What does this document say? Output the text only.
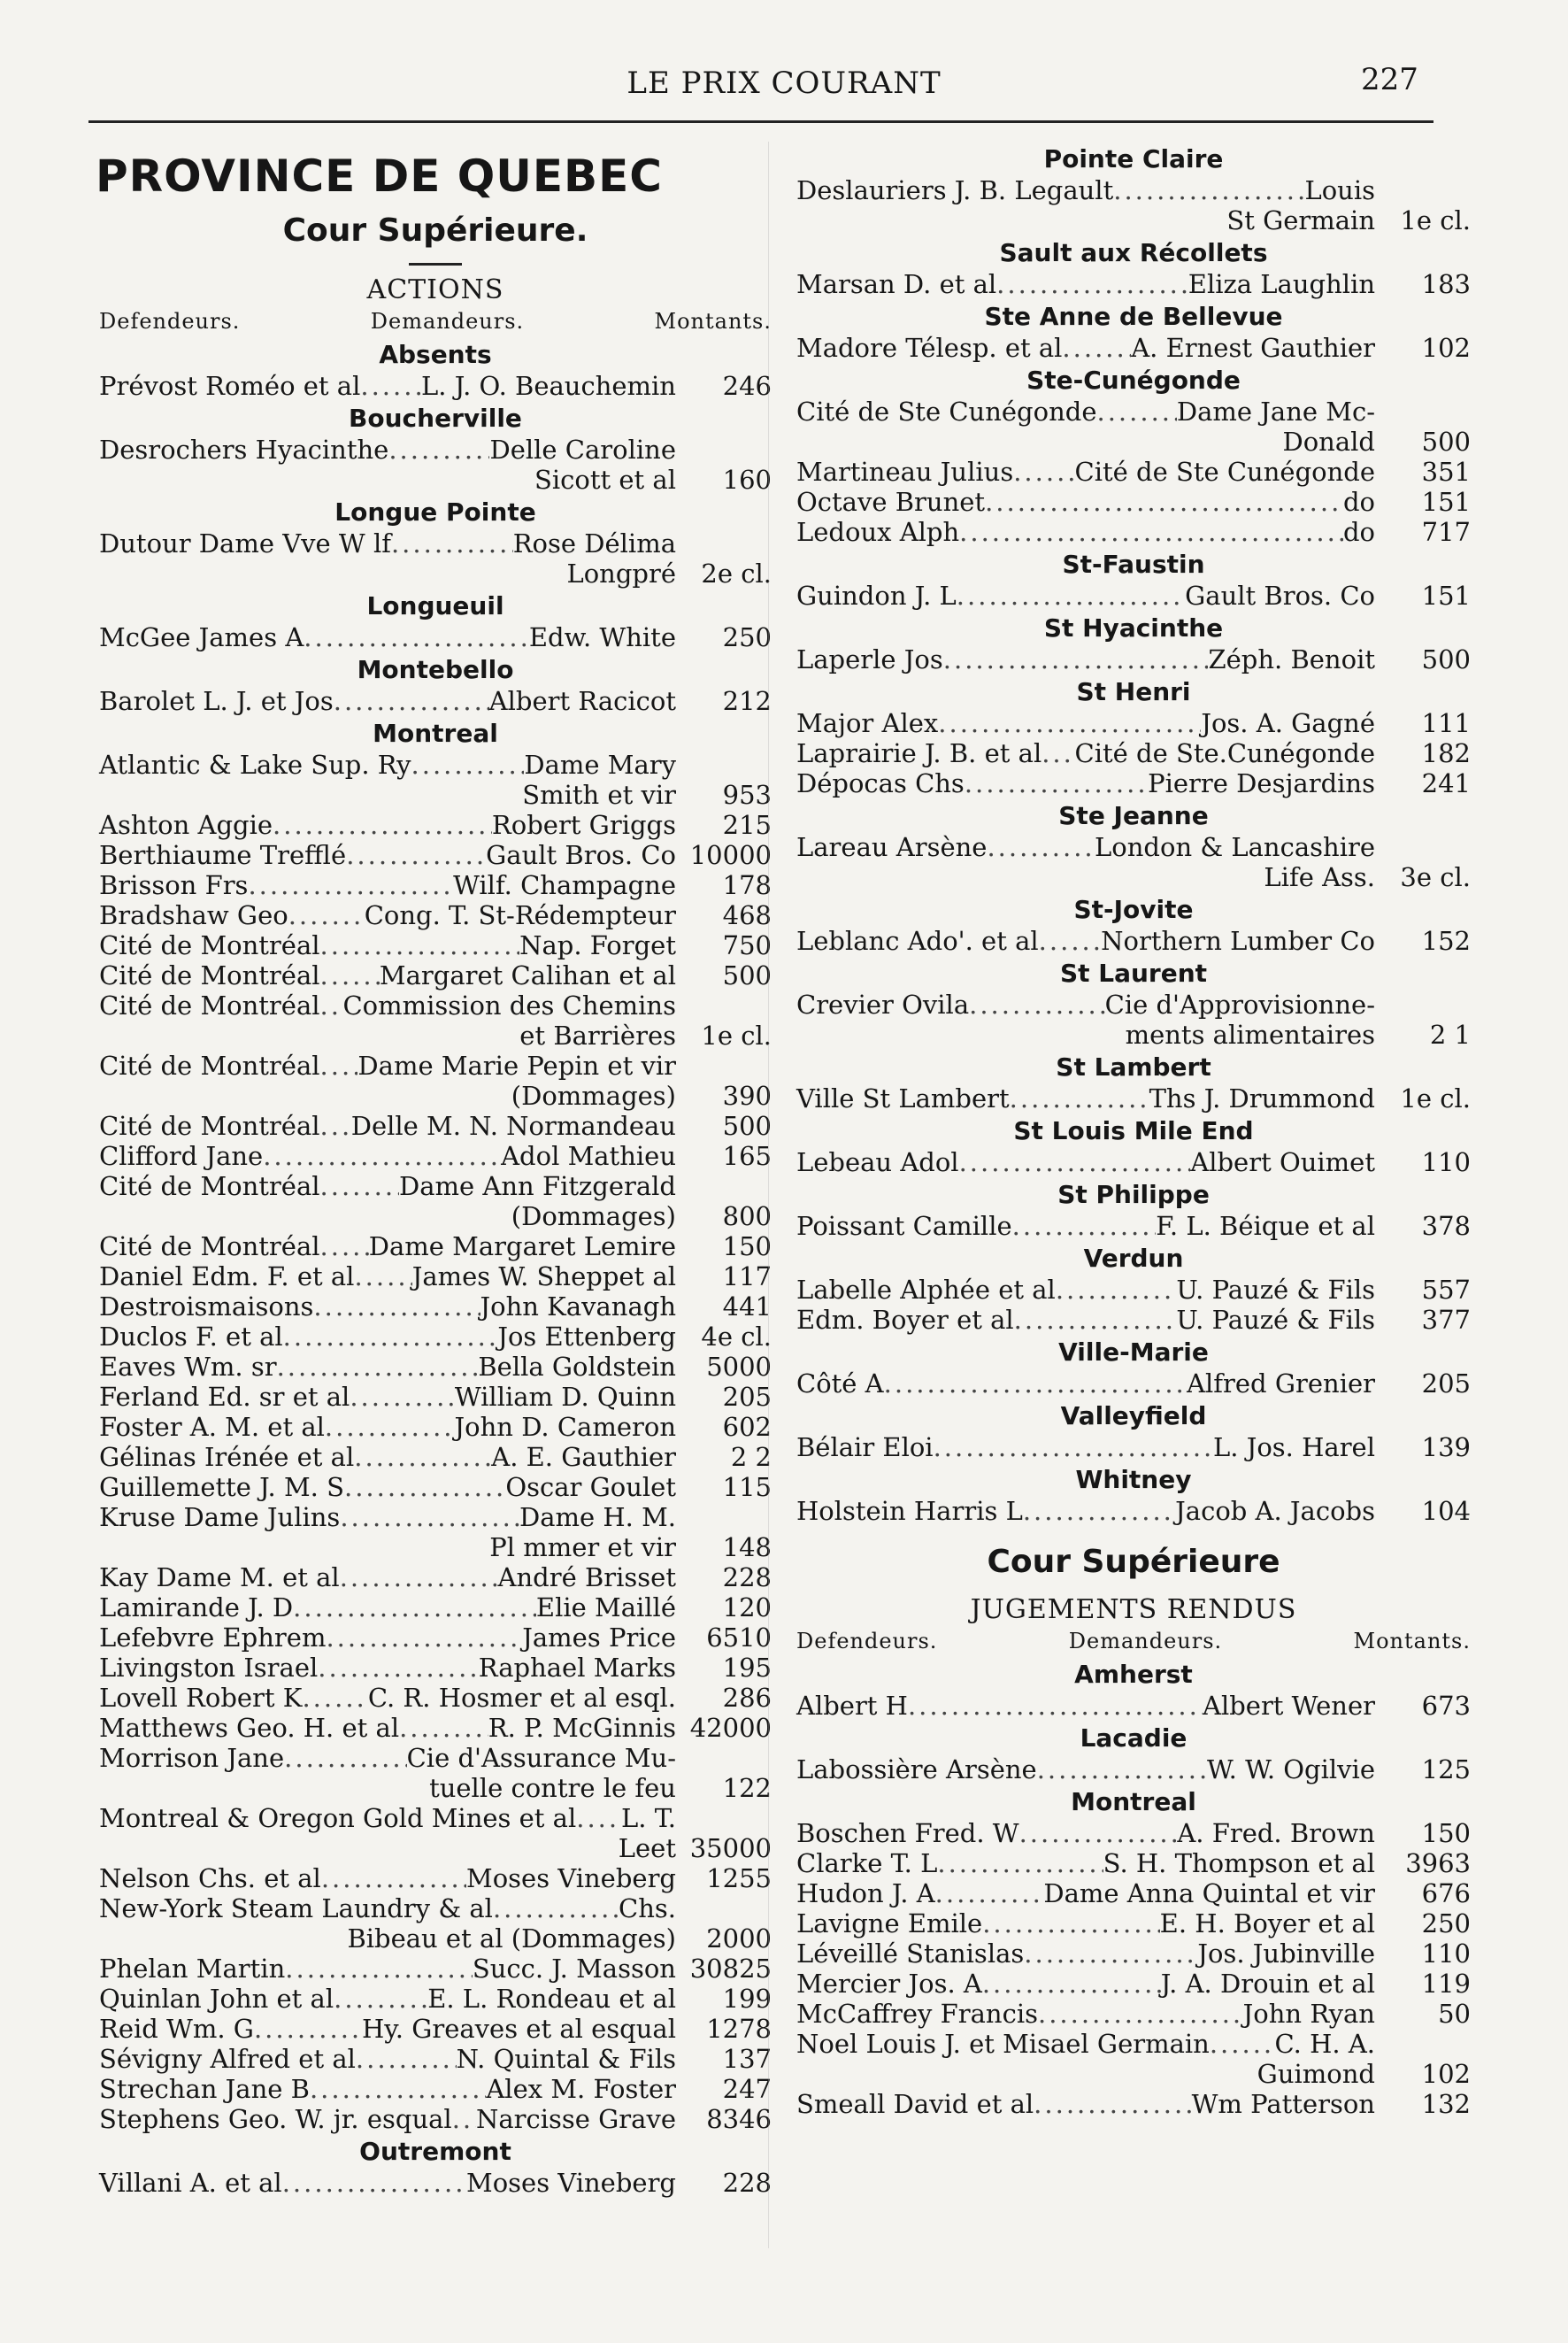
LE PRIX COURANT	227
PROVINCE DE QUEBEC
Cour Supérieure.
ACTIONS
Defendeurs.	Demandeurs.	Montants.
Absents
Prévost Roméo et al ..... L. J. O. Beauchemin	246
Boucherville
Desrochers Hyacinthe .....	Delle Caroline
Sicott et al	160
Longue Pointe
Dutour Dame Vve W lf .....	Rose Délima
Longpré 2e cl.
Longueuil
McGee James A .....	Edw. White	250
Montebello
Barolet L. J. et Jos .....	Albert Racicot	212
Montreal
Atlantic & Lake Sup. Ry .....	Dame Mary
Smith et vir	953
Ashton Aggie .....	Robert Griggs	215
Berthiaume Trefflé .....	Gault Bros. Co 10000
Brisson Frs .....	Wilf. Champagne	178
Bradshaw Geo .....	Cong. T. St-Rédempteur	468
Cité de Montréal .....	Nap. Forget	750
Cité de Montréal ..... Margaret Calihan et al	500
Cité de Montréal ..... Commission des Chemins
et Barrières 1e cl.
Cité de Montréal ..... Dame Marie Pepin et vir
(Dommages)	390
Cité de Montréal ..... Delle M. N. Normandeau	500
Clifford Jane .....	Adol Mathieu	165
Cité de Montréal .....	Dame Ann Fitzgerald
(Dommages)	800
Cité de Montréal ..... Dame Margaret Lemire	150
Daniel Edm. F. et al ..... James W. Sheppet al	117
Destroismaisons .....	John Kavanagh	441
Duclos F. et al .....	Jos Ettenberg 4e cl.
Eaves Wm. sr .....	Bella Goldstein	5000
Ferland Ed. sr et al .....	William D. Quinn	205
Foster A. M. et al .....	John D. Cameron	602
Gélinas Irénée et al .....	A. E. Gauthier	2 2
Guillemette J. M. S .....	Oscar Goulet	115
Kruse Dame Julins .....	Dame H. M.
Pl mmer et vir	148
Kay Dame M. et al .....	André Brisset	228
Lamirande J. D .....	Elie Maillé	120
Lefebvre Ephrem .....	James Price	6510
Livingston Israel .....	Raphael Marks	195
Lovell Robert K .....	C. R. Hosmer et al esql.	286
Matthews Geo. H. et al .....	R. P. McGinnis 42000
Morrison Jane .....	Cie d'Assurance Mu-
tuelle contre le feu	122
Montreal & Oregon Gold Mines et al ..... L. T.
Leet 35000
Nelson Chs. et al .....	Moses Vineberg	1255
New-York Steam Laundry & al .....	Chs.
Bibeau et al (Dommages)	2000
Phelan Martin .....	Succ. J. Masson 30825
Quinlan John et al .....	E. L. Rondeau et al	199
Reid Wm. G .....	Hy. Greaves et al esqual	1278
Sévigny Alfred et al .....	N. Quintal & Fils	137
Strechan Jane B .....	Alex M. Foster	247
Stephens Geo. W. jr. esqual ..... Narcisse Grave	8346
Outremont
Villani A. et al .....	Moses Vineberg	228
Pointe Claire
Deslauriers J. B. Legault .....	Louis
St Germain 1e cl.
Sault aux Récollets
Marsan D. et al .....	Eliza Laughlin	183
Ste Anne de Bellevue
Madore Télesp. et al .....	A. Ernest Gauthier	102
Ste-Cunégonde
Cité de Ste Cunégonde .....	Dame Jane Mc-
Donald	500
Martineau Julius ..... Cité de Ste Cunégonde	351
Octave Brunet .....	do	151
Ledoux Alph .....	do	717
St-Faustin
Guindon J. L .....	Gault Bros. Co	151
St Hyacinthe
Laperle Jos .....	Zéph. Benoit	500
St Henri
Major Alex .....	Jos. A. Gagné	111
Laprairie J. B. et al ..... Cité de Ste.Cunégonde	182
Dépocas Chs .....	Pierre Desjardins	241
Ste Jeanne
Lareau Arsène .....	London & Lancashire
Life Ass. 3e cl.
St-Jovite
Leblanc Ado'. et al ..... Northern Lumber Co	152
St Laurent
Crevier Ovila .....	Cie d'Approvisionne-
ments alimentaires	2 1
St Lambert
Ville St Lambert .....	Ths J. Drummond 1e cl.
St Louis Mile End
Lebeau Adol .....	Albert Ouimet	110
St Philippe
Poissant Camille .....	F. L. Béique et al	378
Verdun
Labelle Alphée et al .....	U. Pauzé & Fils	557
Edm. Boyer et al .....	U. Pauzé & Fils	377
Ville-Marie
Côté A .....	Alfred Grenier	205
Valleyfield
Bélair Eloi .....	L. Jos. Harel	139
Whitney
Holstein Harris L .....	Jacob A. Jacobs	104
Cour Supérieure
JUGEMENTS RENDUS
Defendeurs.	Demandeurs.	Montants.
Amherst
Albert H .....	Albert Wener	673
Lacadie
Labossière Arsène .....	W. W. Ogilvie	125
Montreal
Boschen Fred. W .....	A. Fred. Brown	150
Clarke T. L .....	S. H. Thompson et al	3963
Hudon J. A .....	Dame Anna Quintal et vir	676
Lavigne Emile .....	E. H. Boyer et al	250
Léveillé Stanislas .....	Jos. Jubinville	110
Mercier Jos. A .....	J. A. Drouin et al	119
McCaffrey Francis .....	John Ryan	50
Noel Louis J. et Misael Germain .....	C. H. A.
Guimond	102
Smeall David et al .....	Wm Patterson	132
